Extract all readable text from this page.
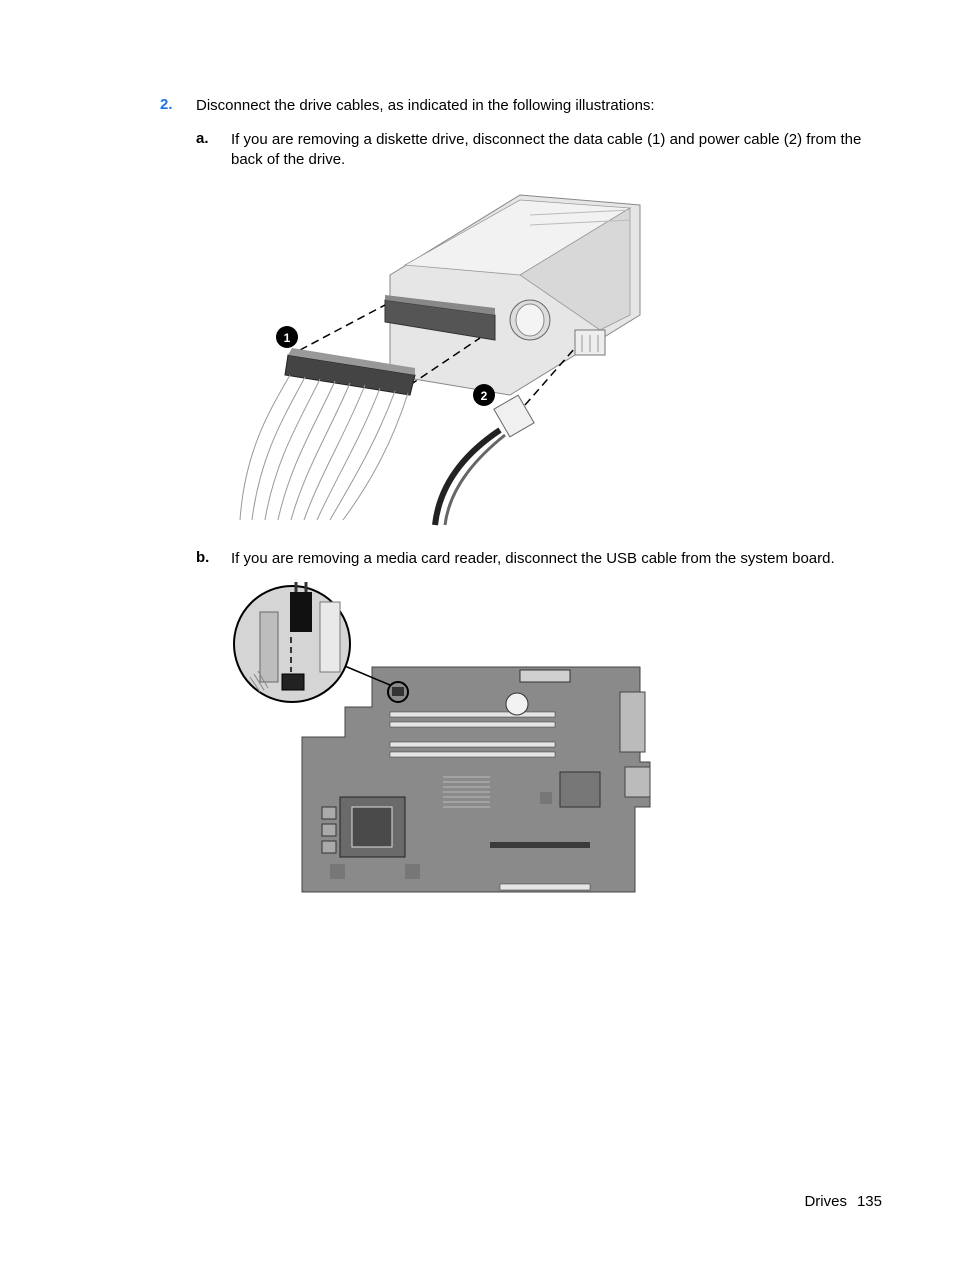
2. Disconnect the drive cables, as indicated in the following illustrations:
a. If you are removing a diskette drive, disconnect the data cable (1) and power cable (2) from the back of the drive.
1
2
b. If you are removing a media card reader, disconnect the USB cable from the system board.
Drives 135
